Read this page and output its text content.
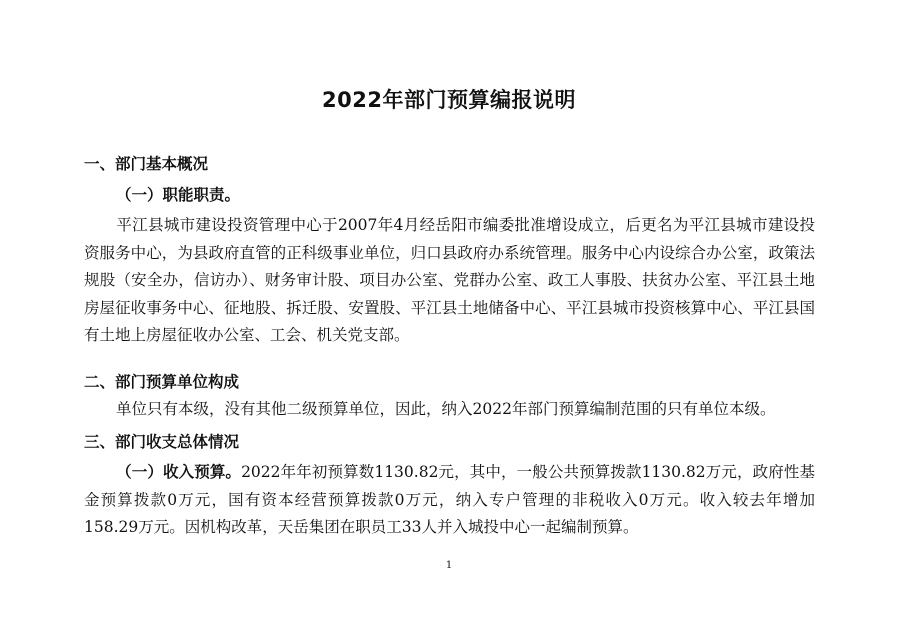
2022年部门预算编报说明
一、部门基本概况
（一）职能职责。
平江县城市建设投资管理中心于2007年4月经岳阳市编委批准增设成立，后更名为平江县城市建设投资服务中心，为县政府直管的正科级事业单位，归口县政府办系统管理。服务中心内设综合办公室，政策法规股（安全办，信访办）、财务审计股、项目办公室、党群办公室、政工人事股、扶贫办公室、平江县土地房屋征收事务中心、征地股、拆迁股、安置股、平江县土地储备中心、平江县城市投资核算中心、平江县国有土地上房屋征收办公室、工会、机关党支部。
二、部门预算单位构成
单位只有本级，没有其他二级预算单位，因此，纳入2022年部门预算编制范围的只有单位本级。
三、部门收支总体情况
（一）收入预算。2022年年初预算数1130.82元，其中，一般公共预算拨款1130.82万元，政府性基金预算拨款0万元，国有资本经营预算拨款0万元，纳入专户管理的非税收入0万元。收入较去年增加158.29万元。因机构改革，天岳集团在职员工33人并入城投中心一起编制预算。
1
